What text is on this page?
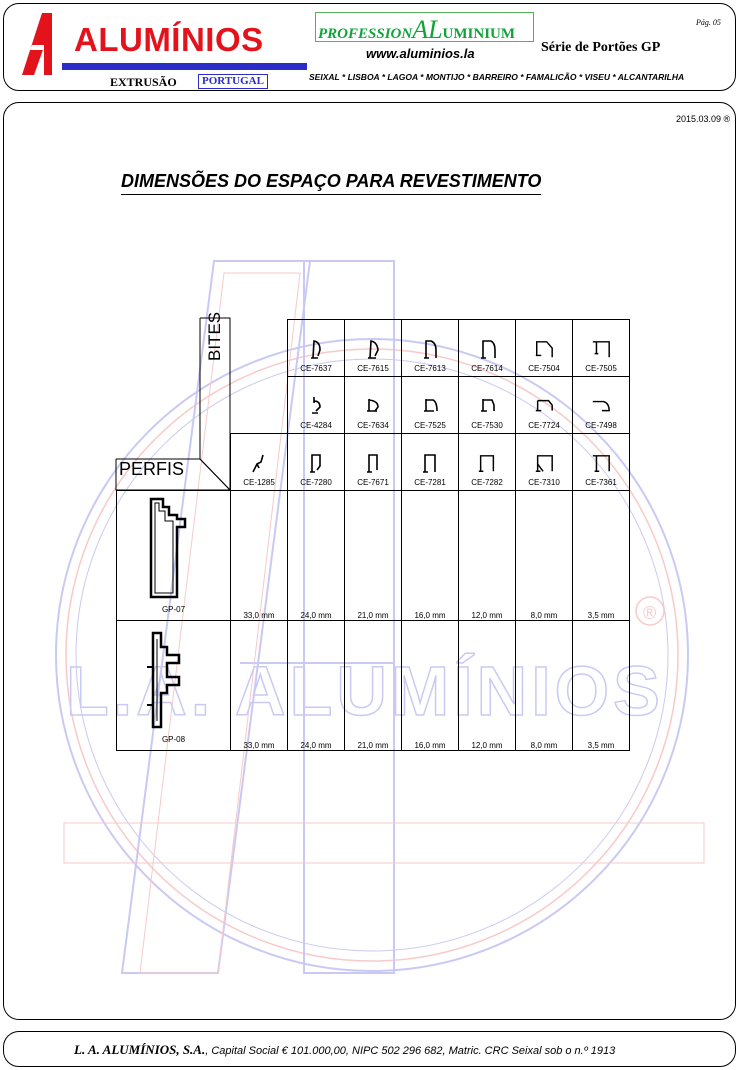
ALUMÍNIOS
EXTRUSÃO	PORTUGAL
PROFESSIONALUMINIUM
www.aluminios.la
Pág. 05
Série de Portões GP
SEIXAL * LISBOA * LAGOA * MONTIJO * BARREIRO * FAMALICÃO * VISEU * ALCANTARILHA
L.A. ALUMÍNIOS
®
2015.03.09 ®
DIMENSÕES DO ESPAÇO PARA REVESTIMENTO
BITES
PERFIS

		CE-7637	CE-7615	CE-7613	CE-7614	CE-7504	CE-7505

		CE-4284	CE-7634	CE-7525	CE-7530	CE-7724	CE-7498

	CE-1285	CE-7280	CE-7671	CE-7281	CE-7282	CE-7310	CE-7361

GP-07	33,0 mm	24,0 mm	21,0 mm	16,0 mm	12,0 mm	8,0 mm	3,5 mm

GP-08	33,0 mm	24,0 mm	21,0 mm	16,0 mm	12,0 mm	8,0 mm	3,5 mm
L. A. ALUMÍNIOS, S.A., Capital Social € 101.000,00, NIPC 502 296 682, Matric. CRC Seixal sob o n.º 1913
